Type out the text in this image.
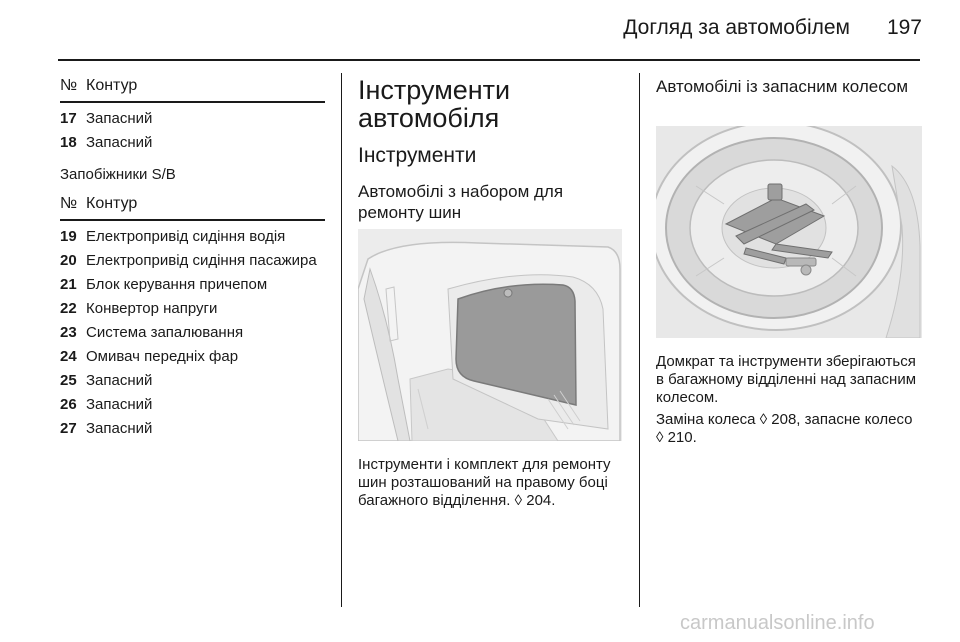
Догляд за автомобілем	197
№ Контур
17 Запасний
18 Запасний
Запобіжники S/B
№ Контур
19 Електропривід сидіння водія
20 Електропривід сидіння пасажира
21 Блок керування причепом
22 Конвертор напруги
23 Система запалювання
24 Омивач передніх фар
25 Запасний
26 Запасний
27 Запасний
Інструменти автомобіля
Інструменти
Автомобілі з набором для ремонту шин
Інструменти і комплект для ремонту шин розташований на правому боці багажного відділення. ◊ 204.
Автомобілі із запасним колесом
Домкрат та інструменти зберігаються в багажному відділенні над запасним колесом.
Заміна колеса ◊ 208, запасне колесо ◊ 210.
carmanualsonline.info
